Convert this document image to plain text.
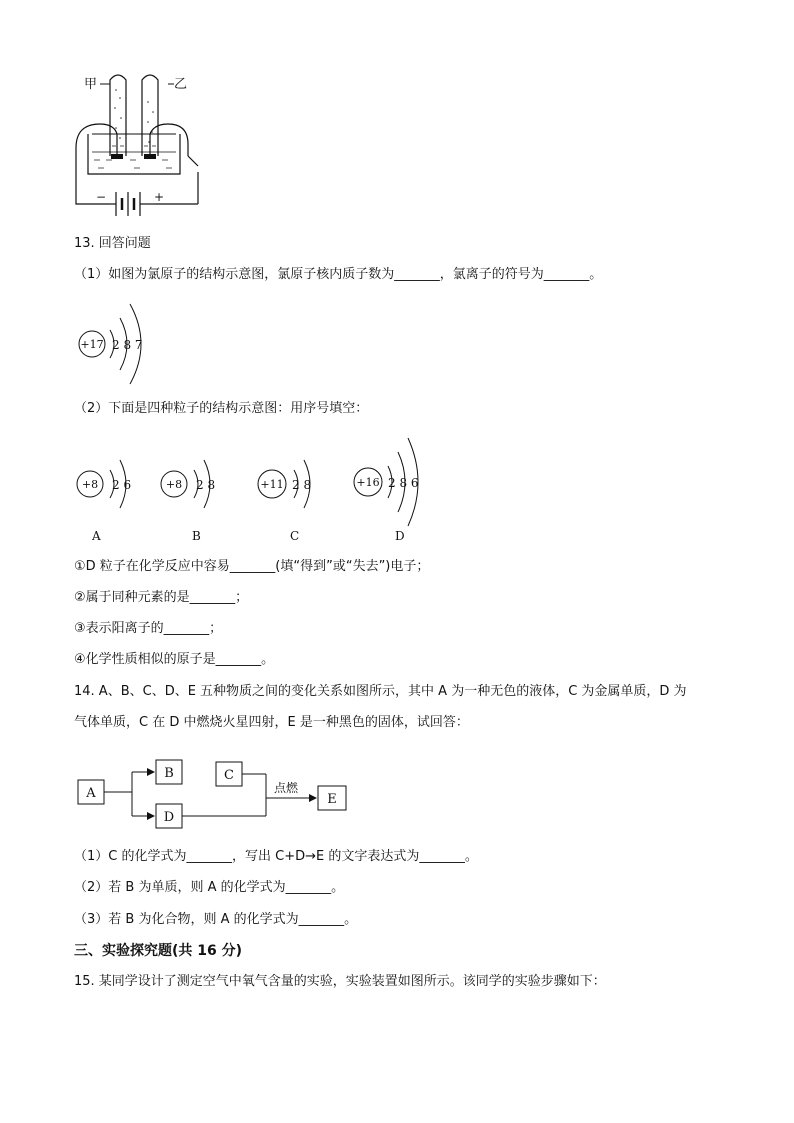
甲	乙
−	+
13. 回答问题
（1）如图为氯原子的结构示意图，氯原子核内质子数为_______，氯离子的符号为_______。
+17 2 8 7
（2）下面是四种粒子的结构示意图：用序号填空：
+8 2 6
A
+8 2 8
B
+11 2 8
C
+16 2 8 6
D
①D 粒子在化学反应中容易_______(填“得到”或“失去”)电子；
②属于同种元素的是_______；
③表示阳离子的_______；
④化学性质相似的原子是_______。
14. A、B、C、D、E 五种物质之间的变化关系如图所示，其中 A 为一种无色的液体，C 为金属单质，D 为
气体单质，C 在 D 中燃烧火星四射，E 是一种黑色的固体，试回答：
A
B
D
C
点燃
E
（1）C 的化学式为_______，写出 C+D→E 的文字表达式为_______。
（2）若 B 为单质，则 A 的化学式为_______。
（3）若 B 为化合物，则 A 的化学式为_______。
三、实验探究题(共 16 分)
15. 某同学设计了测定空气中氧气含量的实验，实验装置如图所示。该同学的实验步骤如下：
